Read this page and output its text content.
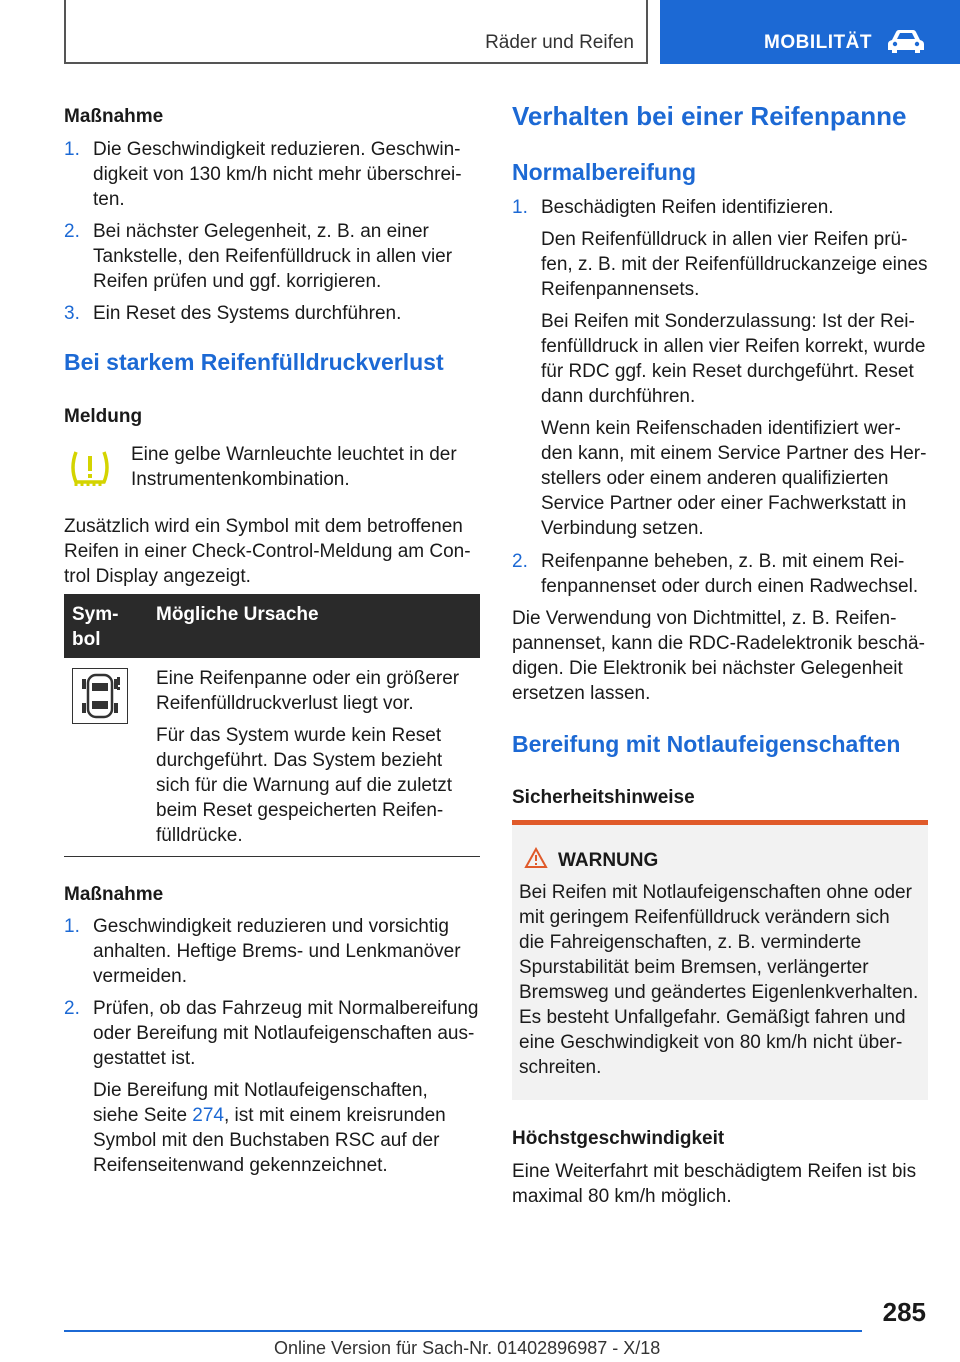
Räder und Reifen	MOBILITÄT
Maßnahme
1. Die Geschwindigkeit reduzieren. Geschwin-
digkeit von 130 km/h nicht mehr überschrei-
ten.
2. Bei nächster Gelegenheit, z. B. an einer
Tankstelle, den Reifenfülldruck in allen vier
Reifen prüfen und ggf. korrigieren.
3. Ein Reset des Systems durchführen.
Bei starkem Reifenfülldruckverlust
Meldung
Eine gelbe Warnleuchte leuchtet in der
Instrumentenkombination.
Zusätzlich wird ein Symbol mit dem betroffenen
Reifen in einer Check-Control-Meldung am Con-
trol Display angezeigt.
Sym-
bol
Mögliche Ursache
Eine Reifenpanne oder ein größerer
Reifenfülldruckverlust liegt vor.
Für das System wurde kein Reset
durchgeführt. Das System bezieht
sich für die Warnung auf die zuletzt
beim Reset gespeicherten Reifen-
fülldrücke.
Maßnahme
1. Geschwindigkeit reduzieren und vorsichtig
anhalten. Heftige Brems- und Lenkmanöver
vermeiden.
2. Prüfen, ob das Fahrzeug mit Normalbereifung
oder Bereifung mit Notlaufeigenschaften aus-
gestattet ist.
Die Bereifung mit Notlaufeigenschaften,
siehe Seite 274, ist mit einem kreisrunden
Symbol mit den Buchstaben RSC auf der
Reifenseitenwand gekennzeichnet.
Verhalten bei einer Reifenpanne
Normalbereifung
1. Beschädigten Reifen identifizieren.
Den Reifenfülldruck in allen vier Reifen prü-
fen, z. B. mit der Reifenfülldruckanzeige eines
Reifenpannensets.
Bei Reifen mit Sonderzulassung: Ist der Rei-
fenfülldruck in allen vier Reifen korrekt, wurde
für RDC ggf. kein Reset durchgeführt. Reset
dann durchführen.
Wenn kein Reifenschaden identifiziert wer-
den kann, mit einem Service Partner des Her-
stellers oder einem anderen qualifizierten
Service Partner oder einer Fachwerkstatt in
Verbindung setzen.
2. Reifenpanne beheben, z. B. mit einem Rei-
fenpannenset oder durch einen Radwechsel.
Die Verwendung von Dichtmittel, z. B. Reifen-
pannenset, kann die RDC-Radelektronik beschä-
digen. Die Elektronik bei nächster Gelegenheit
ersetzen lassen.
Bereifung mit Notlaufeigenschaften
Sicherheitshinweise
WARNUNG
Bei Reifen mit Notlaufeigenschaften ohne oder
mit geringem Reifenfülldruck verändern sich
die Fahreigenschaften, z. B. verminderte
Spurstabilität beim Bremsen, verlängerter
Bremsweg und geändertes Eigenlenkverhalten.
Es besteht Unfallgefahr. Gemäßigt fahren und
eine Geschwindigkeit von 80 km/h nicht über-
schreiten.
Höchstgeschwindigkeit
Eine Weiterfahrt mit beschädigtem Reifen ist bis
maximal 80 km/h möglich.
285
Online Version für Sach-Nr. 01402896987 - X/18
